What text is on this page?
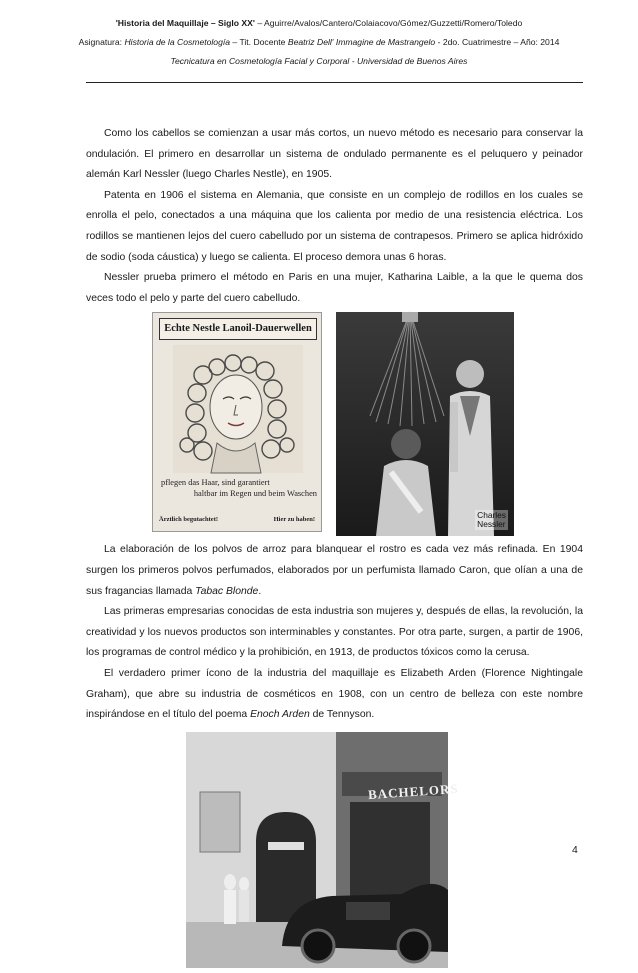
'Historia del Maquillaje – Siglo XX' – Aguirre/Avalos/Cantero/Colaiacovo/Gómez/Guzzetti/Romero/Toledo
Asignatura: Historia de la Cosmetología – Tit. Docente Beatriz Dell' Immagine de Mastrangelo - 2do. Cuatrimestre – Año: 2014
Tecnicatura en Cosmetología Facial y Corporal - Universidad de Buenos Aires

Como los cabellos se comienzan a usar más cortos, un nuevo método es necesario para conservar la ondulación. El primero en desarrollar un sistema de ondulado permanente es el peluquero y peinador alemán Karl Nessler (luego Charles Nestle), en 1905.

Patenta en 1906 el sistema en Alemania, que consiste en un complejo de rodillos en los cuales se enrolla el pelo, conectados a una máquina que los calienta por medio de una resistencia eléctrica. Los rodillos se mantienen lejos del cuero cabelludo por un sistema de contrapesos. Primero se aplica hidróxido de sodio (soda cáustica) y luego se calienta. El proceso demora unas 6 horas.

Nessler prueba primero el método en Paris en una mujer, Katharina Laible, a la que le quema dos veces todo el pelo y parte del cuero cabelludo.

Echte Nestle Lanoil-Dauerwellen
pflegen das Haar, sind garantiert
haltbar im Regen und beim Waschen
Ärztlich begutachtet!	Hier zu haben!	Charles
Nessler

La elaboración de los polvos de arroz para blanquear el rostro es cada vez más refinada. En 1904 surgen los primeros polvos perfumados, elaborados por un perfumista llamado Caron, que olían a una de sus fragancias llamada Tabac Blonde.

Las primeras empresarias conocidas de esta industria son mujeres y, después de ellas, la revolución, la creatividad y los nuevos productos son interminables y constantes. Por otra parte, surgen, a partir de 1906, los programas de control médico y la prohibición, en 1913, de productos tóxicos como la cerusa.

El verdadero primer ícono de la industria del maquillaje es Elizabeth Arden (Florence Nightingale Graham), que abre su industria de cosméticos en 1908, con un centro de belleza con este nombre inspirándose en el título del poema Enoch Arden de Tennyson.

BACHELORS
4
